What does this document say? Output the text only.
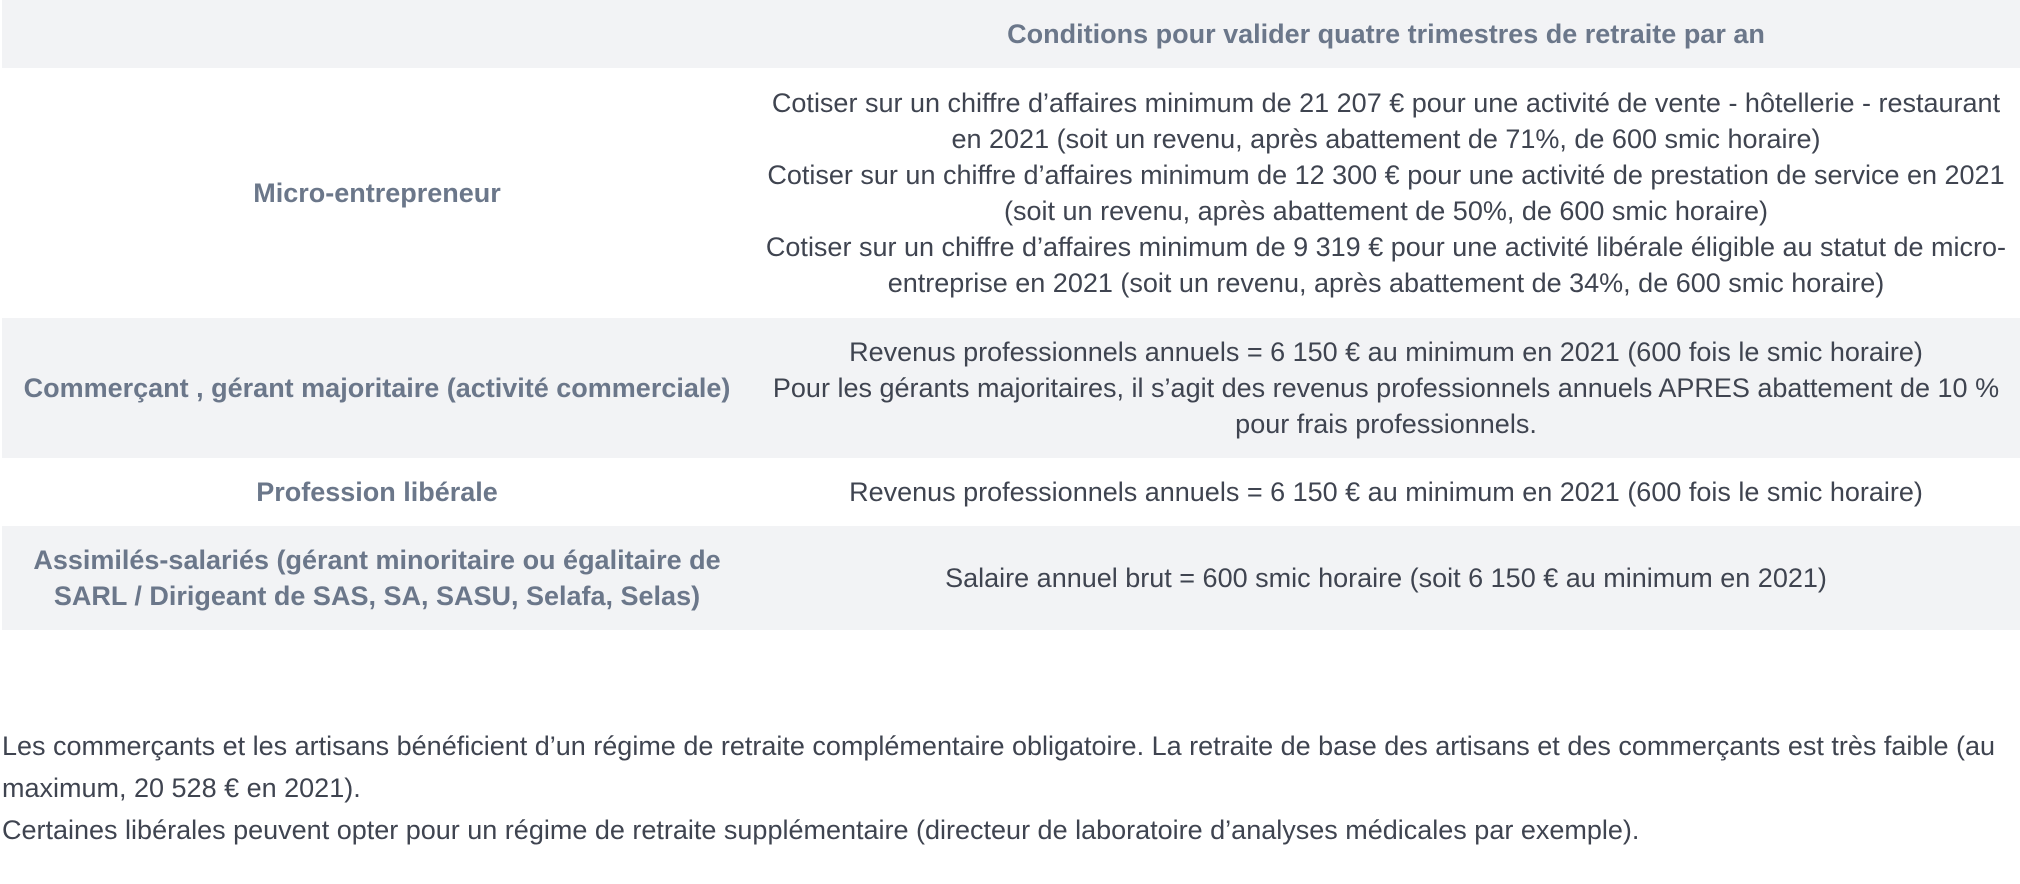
	Conditions pour valider quatre trimestres de retraite par an
Micro-entrepreneur	Cotiser sur un chiffre d’affaires minimum de 21 207 € pour une activité de vente - hôtellerie - restaurant en 2021 (soit un revenu, après abattement de 71%, de 600 smic horaire)
Cotiser sur un chiffre d’affaires minimum de 12 300 € pour une activité de prestation de service en 2021 (soit un revenu, après abattement de 50%, de 600 smic horaire)
Cotiser sur un chiffre d’affaires minimum de 9 319 € pour une activité libérale éligible au statut de micro-entreprise en 2021 (soit un revenu, après abattement de 34%, de 600 smic horaire)

Commerçant , gérant majoritaire (activité commerciale)	Revenus professionnels annuels = 6 150 € au minimum en 2021 (600 fois le smic horaire)
Pour les gérants majoritaires, il s’agit des revenus professionnels annuels APRES abattement de 10 % pour frais professionnels.

Profession libérale	Revenus professionnels annuels = 6 150 € au minimum en 2021 (600 fois le smic horaire)

Assimilés-salariés (gérant minoritaire ou égalitaire de SARL / Dirigeant de SAS, SA, SASU, Selafa, Selas)	Salaire annuel brut = 600 smic horaire (soit 6 150 € au minimum en 2021)

Les commerçants et les artisans bénéficient d’un régime de retraite complémentaire obligatoire. La retraite de base des artisans et des commerçants est très faible (au maximum, 20 528 € en 2021).

Certaines libérales peuvent opter pour un régime de retraite supplémentaire (directeur de laboratoire d’analyses médicales par exemple).
